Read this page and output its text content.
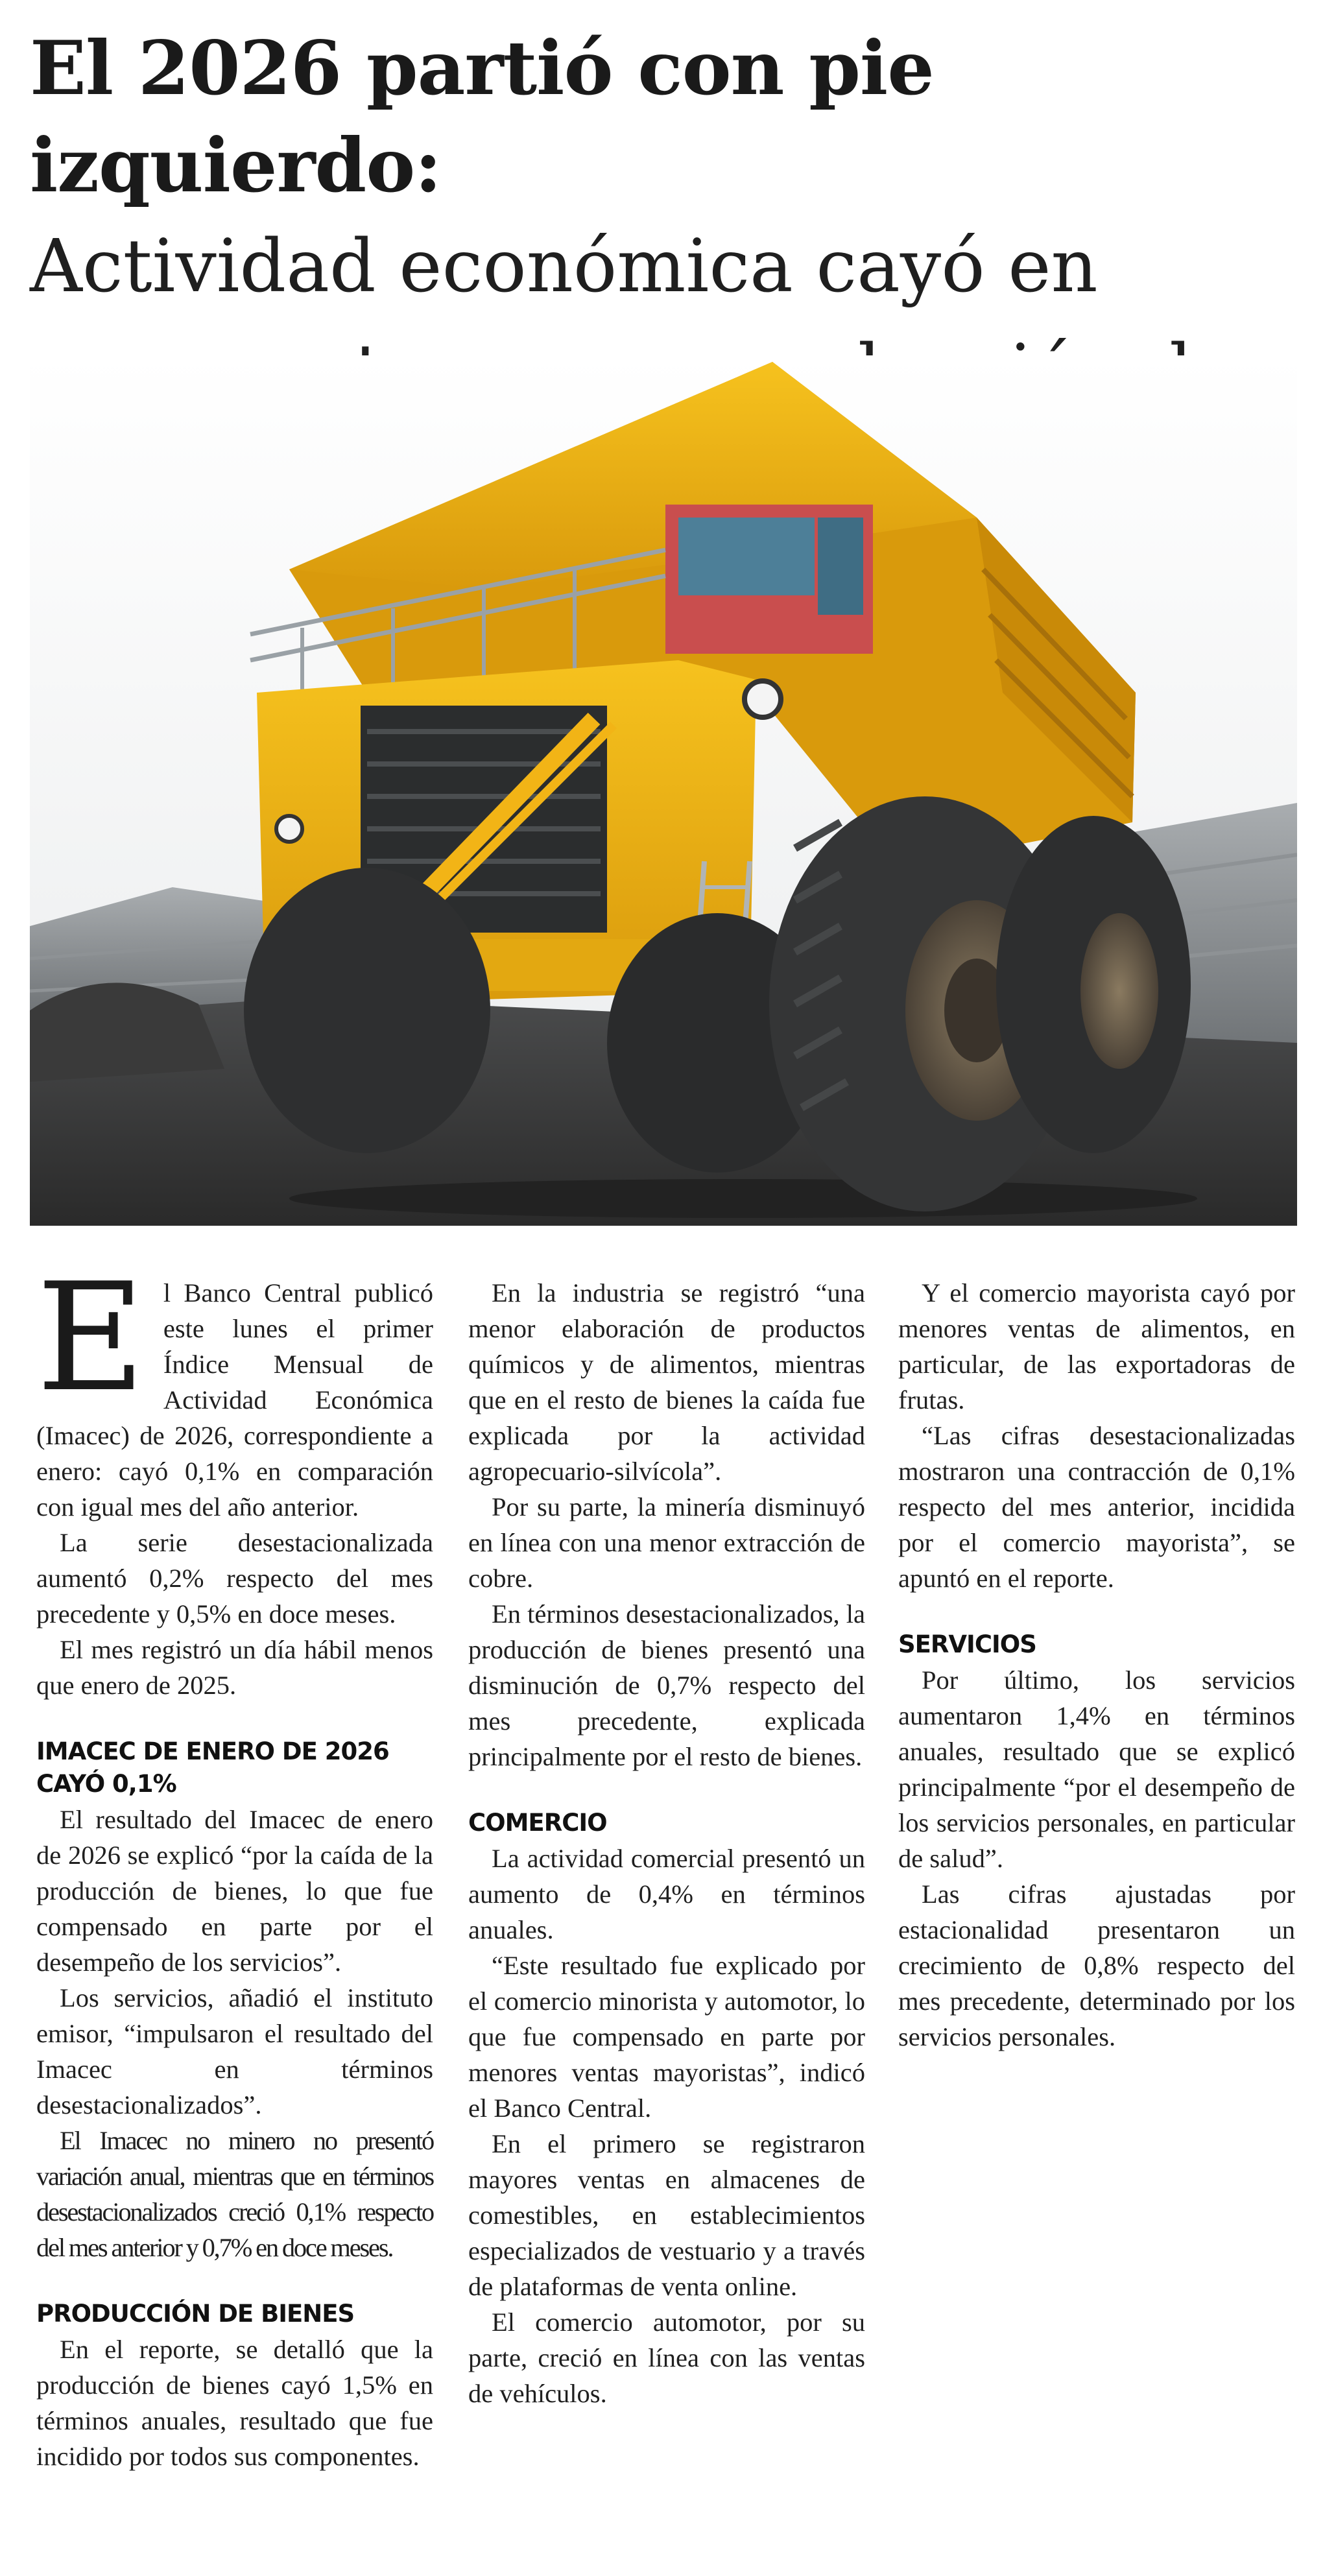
El 2026 partió con pie izquierdo:
Actividad económica cayó en
E l Banco Central publicó este lunes el primer Índice Mensual de Actividad Económica (Imacec) de 2026, correspondiente a enero: cayó 0,1% en comparación con igual mes del año anterior.

La serie desestacionalizada aumentó 0,2% respecto del mes precedente y 0,5% en doce meses.

El mes registró un día hábil menos que enero de 2025.

IMACEC DE ENERO DE 2026 CAYÓ 0,1%

El resultado del Imacec de enero de 2026 se explicó “por la caída de la producción de bienes, lo que fue compensado en parte por el desempeño de los servicios”.

Los servicios, añadió el instituto emisor, “impulsaron el resultado del Imacec en términos desestacionalizados”.

El Imacec no minero no presentó variación anual, mientras que en términos desestacionalizados creció 0,1% respecto del mes anterior y 0,7% en doce meses.

PRODUCCIÓN DE BIENES

En el reporte, se detalló que la producción de bienes cayó 1,5% en términos anuales, resultado que fue incidido por todos sus componentes.

En la industria se registró “una menor elaboración de productos químicos y de alimentos, mientras que en el resto de bienes la caída fue explicada por la actividad agropecuario-silvícola”.

Por su parte, la minería disminuyó en línea con una menor extracción de cobre.

En términos desestacionalizados, la producción de bienes presentó una disminución de 0,7% respecto del mes precedente, explicada principalmente por el resto de bienes.

COMERCIO

La actividad comercial presentó un aumento de 0,4% en términos anuales.

“Este resultado fue explicado por el comercio minorista y automotor, lo que fue compensado en parte por menores ventas mayoristas”, indicó el Banco Central.

En el primero se registraron mayores ventas en almacenes de comestibles, en establecimientos especializados de vestuario y a través de plataformas de venta online.

El comercio automotor, por su parte, creció en línea con las ventas de vehículos.

Y el comercio mayorista cayó por menores ventas de alimentos, en particular, de las exportadoras de frutas.

“Las cifras desestacionalizadas mostraron una contracción de 0,1% respecto del mes anterior, incidida por el comercio mayorista”, se apuntó en el reporte.

SERVICIOS

Por último, los servicios aumentaron 1,4% en términos anuales, resultado que se explicó principalmente “por el desempeño de los servicios personales, en particular de salud”.

Las cifras ajustadas por estacionalidad presentaron un crecimiento de 0,8% respecto del mes precedente, determinado por los servicios personales.
